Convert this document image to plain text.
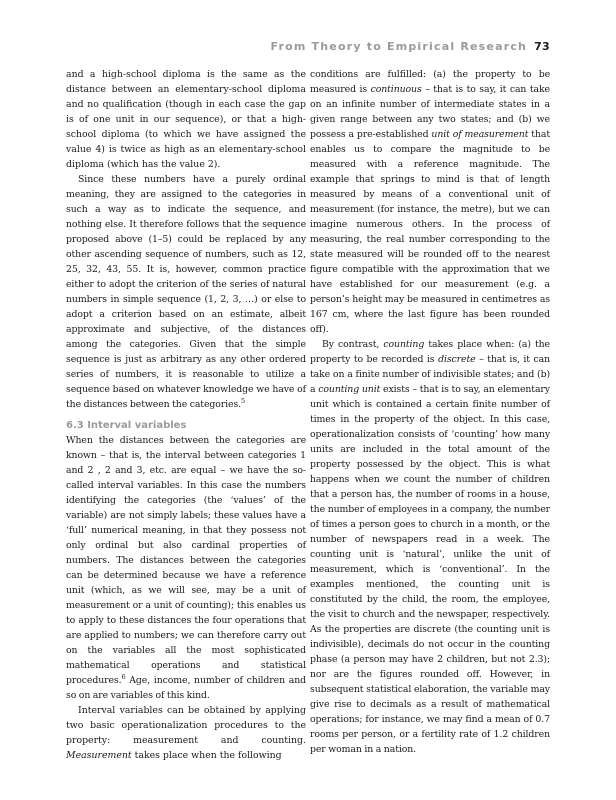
From Theory to Empirical Research 73

and a high-school diploma is the same as the distance between an elementary-school diploma and no qualification (though in each case the gap is of one unit in our sequence), or that a high-school diploma (to which we have assigned the value 4) is twice as high as an elementary-school diploma (which has the value 2).

Since these numbers have a purely ordinal meaning, they are assigned to the categories in such a way as to indicate the sequence, and nothing else. It therefore follows that the sequence proposed above (1–5) could be replaced by any other ascending sequence of numbers, such as 12, 25, 32, 43, 55. It is, however, common practice either to adopt the criterion of the series of natural numbers in simple sequence (1, 2, 3, …) or else to adopt a criterion based on an estimate, albeit approximate and subjective, of the distances among the categories. Given that the simple sequence is just as arbitrary as any other ordered series of numbers, it is reasonable to utilize a sequence based on whatever knowledge we have of the distances between the categories.$^5$

6.3 Interval variables

When the distances between the categories are known – that is, the interval between categories 1 and 2 , 2 and 3, etc. are equal – we have the so-called interval variables. In this case the numbers identifying the categories (the ‘values’ of the variable) are not simply labels; these values have a ‘full’ numerical meaning, in that they possess not only ordinal but also cardinal properties of numbers. The distances between the categories can be determined because we have a reference unit (which, as we will see, may be a unit of measurement or a unit of counting); this enables us to apply to these distances the four operations that are applied to numbers; we can therefore carry out on the variables all the most sophisticated mathematical operations and statistical procedures.$^6$ Age, income, number of children and so on are variables of this kind.

Interval variables can be obtained by applying two basic operationalization procedures to the property: measurement and counting. Measurement takes place when the following

conditions are fulfilled: (a) the property to be measured is continuous – that is to say, it can take on an infinite number of intermediate states in a given range between any two states; and (b) we possess a pre-established unit of measurement that enables us to compare the magnitude to be measured with a reference magnitude. The example that springs to mind is that of length measured by means of a conventional unit of measurement (for instance, the metre), but we can imagine numerous others. In the process of measuring, the real number corresponding to the state measured will be rounded off to the nearest figure compatible with the approximation that we have established for our measurement (e.g. a person’s height may be measured in centimetres as 167 cm, where the last figure has been rounded off).

By contrast, counting takes place when: (a) the property to be recorded is discrete – that is, it can take on a finite number of indivisible states; and (b) a counting unit exists – that is to say, an elementary unit which is contained a certain finite number of times in the property of the object. In this case, operationalization consists of ‘counting’ how many units are included in the total amount of the property possessed by the object. This is what happens when we count the number of children that a person has, the number of rooms in a house, the number of employees in a company, the number of times a person goes to church in a month, or the number of newspapers read in a week. The counting unit is ‘natural’, unlike the unit of measurement, which is ‘conventional’. In the examples mentioned, the counting unit is constituted by the child, the room, the employee, the visit to church and the newspaper, respectively. As the properties are discrete (the counting unit is indivisible), decimals do not occur in the counting phase (a person may have 2 children, but not 2.3); nor are the figures rounded off. However, in subsequent statistical elaboration, the variable may give rise to decimals as a result of mathematical operations; for instance, we may find a mean of 0.7 rooms per person, or a fertility rate of 1.2 children per woman in a nation.
